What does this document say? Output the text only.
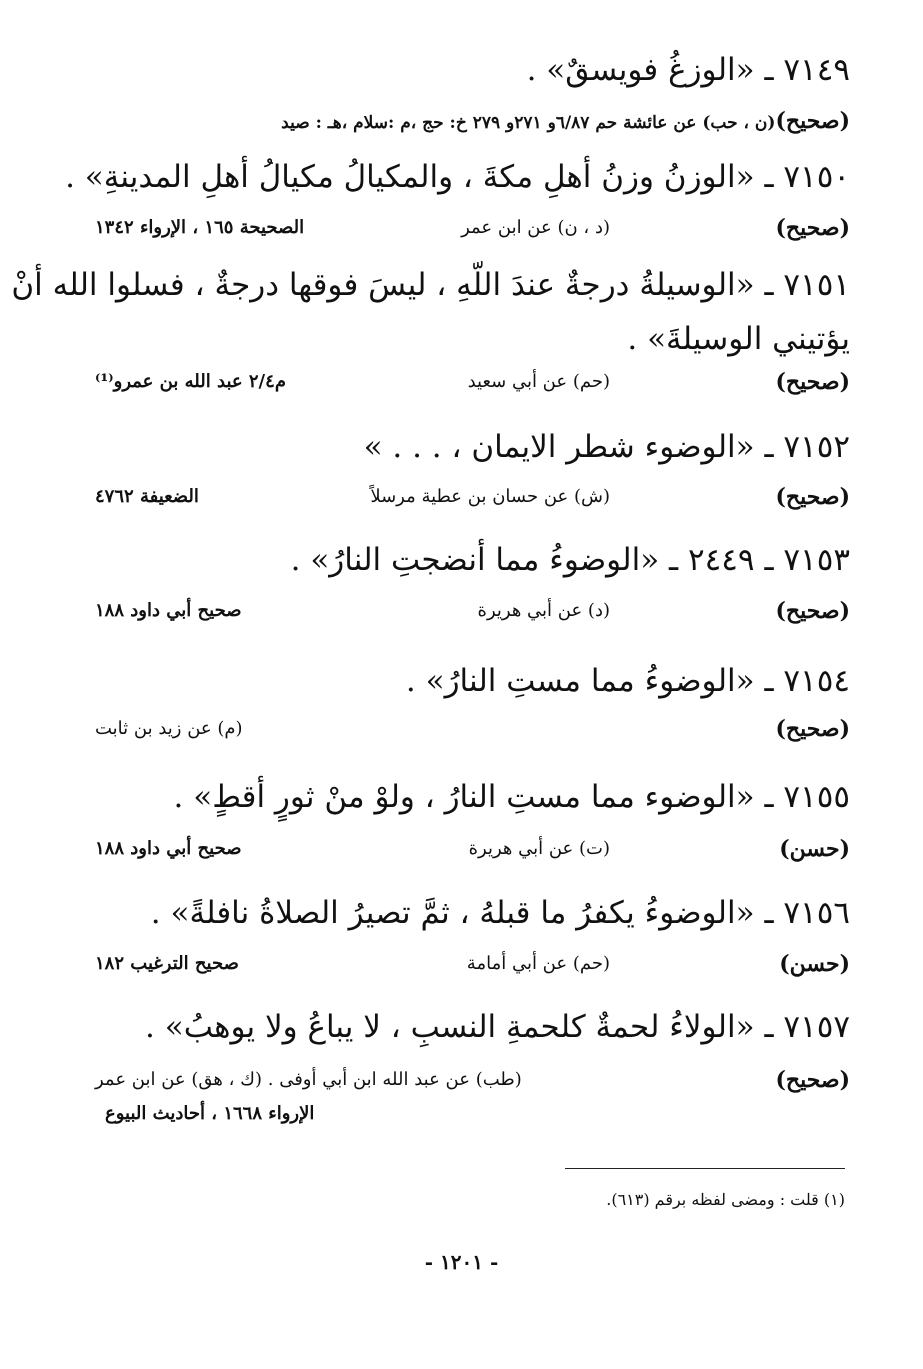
٧١٤٩ ـ «الوزغُ فويسقٌ» .
(صحيح)(ن ، حب) عن عائشة حم ٦/٨٧و ٢٧١و ٢٧٩ خ: حج ،م :سلام ،هـ : صيد
٧١٥٠ ـ «الوزنُ وزنُ أهلِ مكةَ ، والمكيالُ مكيالُ أهلِ المدينةِ» .
(صحيح)
(د ، ن) عن ابن عمر
الصحيحة ١٦٥ ، الإرواء ١٣٤٢
٧١٥١ ـ «الوسيلةُ درجةٌ عندَ اللّهِ ، ليسَ فوقها درجةٌ ، فسلوا الله أنْ
يؤتيني الوسيلةَ» .
(صحيح)
(حم) عن أبي سعيد
م٢/٤ عبد الله بن عمرو⁽¹⁾
٧١٥٢ ـ «الوضوء شطر الايمان ، . . . »
(صحيح)
(ش) عن حسان بن عطية مرسلاً
الضعيفة ٤٧٦٢
٧١٥٣ ـ ٢٤٤٩ ـ «الوضوءُ مما أنضجتِ النارُ» .
(صحيح)
(د) عن أبي هريرة
صحيح أبي داود ١٨٨
٧١٥٤ ـ «الوضوءُ مما مستِ النارُ» .
(صحيح)
(م) عن زيد بن ثابت
٧١٥٥ ـ «الوضوء مما مستِ النارُ ، ولوْ منْ ثورٍ أقطٍ» .
(حسن)
(ت) عن أبي هريرة
صحيح أبي داود ١٨٨
٧١٥٦ ـ «الوضوءُ يكفرُ ما قبلهُ ، ثمَّ تصيرُ الصلاةُ نافلةً» .
(حسن)
(حم) عن أبي أمامة
صحيح الترغيب ١٨٢
٧١٥٧ ـ «الولاءُ لحمةٌ كلحمةِ النسبِ ، لا يباعُ ولا يوهبُ» .
(صحيح)
(طب) عن عبد الله ابن أبي أوفى . (ك ، هق) عن ابن عمر
الإرواء ١٦٦٨ ، أحاديث البيوع
(١) قلت : ومضى لفظه برقم (٦١٣).
- ١٢٠١ -
